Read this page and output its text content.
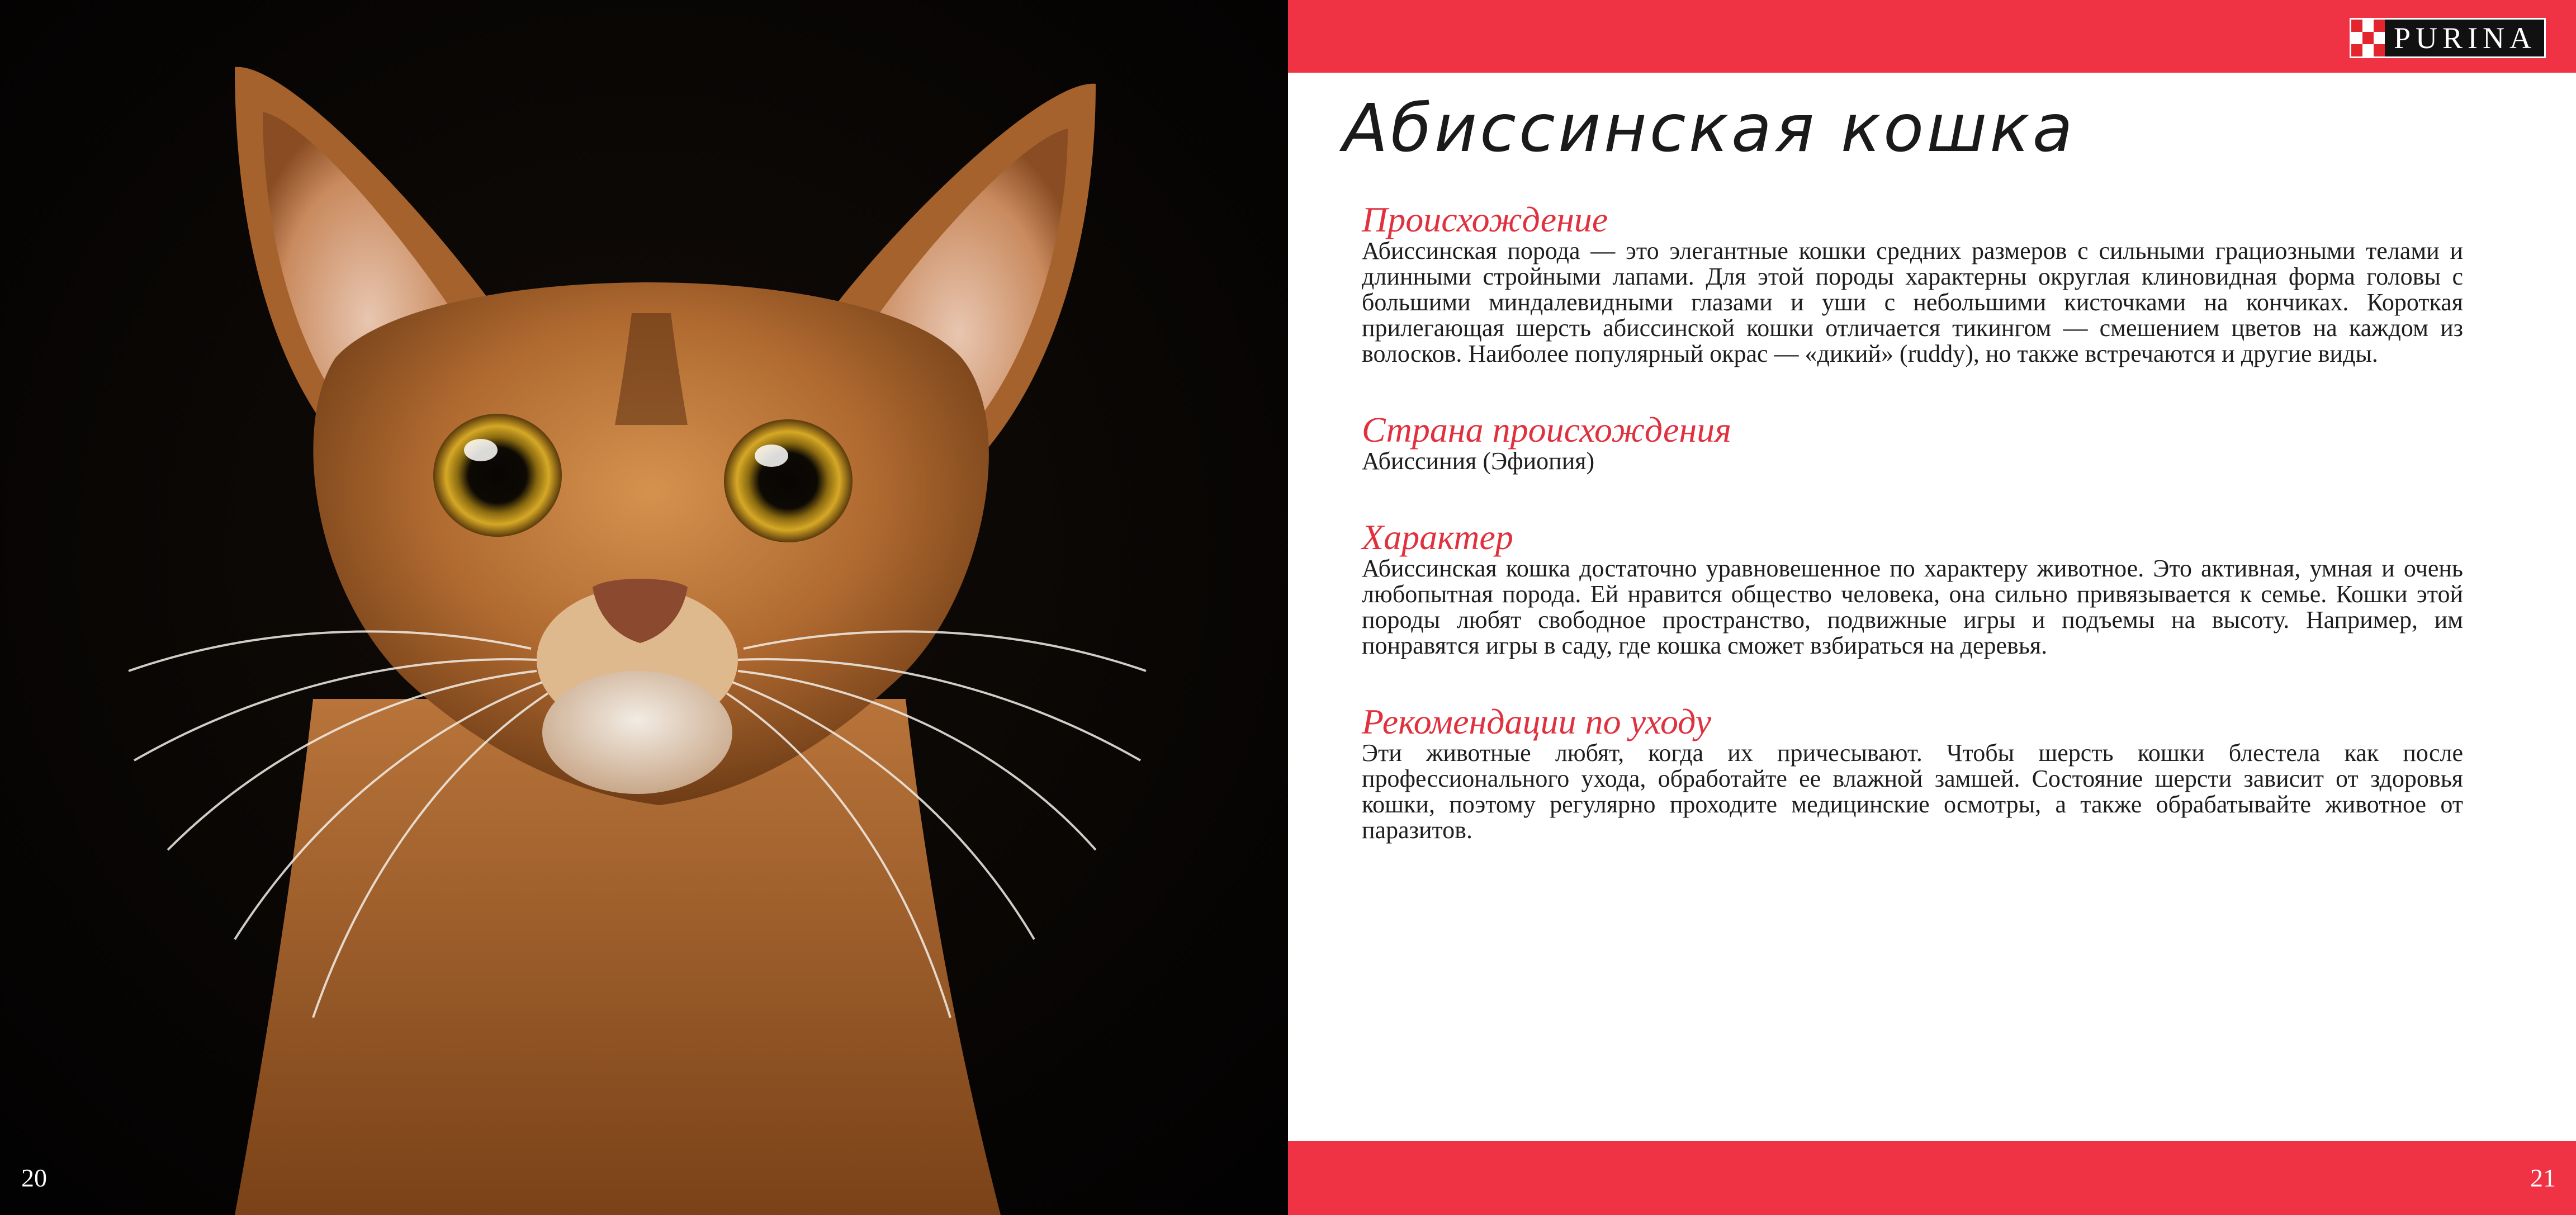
20
PURINA
Абиссинская кошка
Происхождение

Абиссинская порода — это элегантные кошки средних размеров с сильными грациозными телами и длинными стройными лапами. Для этой породы характерны округлая клиновидная форма головы с большими миндалевидными глазами и уши с небольшими кисточками на кончиках. Короткая прилегающая шерсть абиссинской кошки отличается тикингом — смешением цветов на каждом из волосков. Наиболее популярный окрас — «дикий» (ruddy), но также встречаются и другие виды.

Страна происхождения

Абиссиния (Эфиопия)

Характер

Абиссинская кошка достаточно уравновешенное по характеру животное. Это активная, умная и очень любопытная порода. Ей нравится общество человека, она сильно привязывается к семье. Кошки этой породы любят свободное пространство, подвижные игры и подъемы на высоту. Например, им понравятся игры в саду, где кошка сможет взбираться на деревья.

Рекомендации по уходу

Эти животные любят, когда их причесывают. Чтобы шерсть кошки блестела как после профессионального ухода, обработайте ее влажной замшей. Состояние шерсти зависит от здоровья кошки, поэтому регулярно проходите медицинские осмотры, а также обрабатывайте животное от паразитов.

21
